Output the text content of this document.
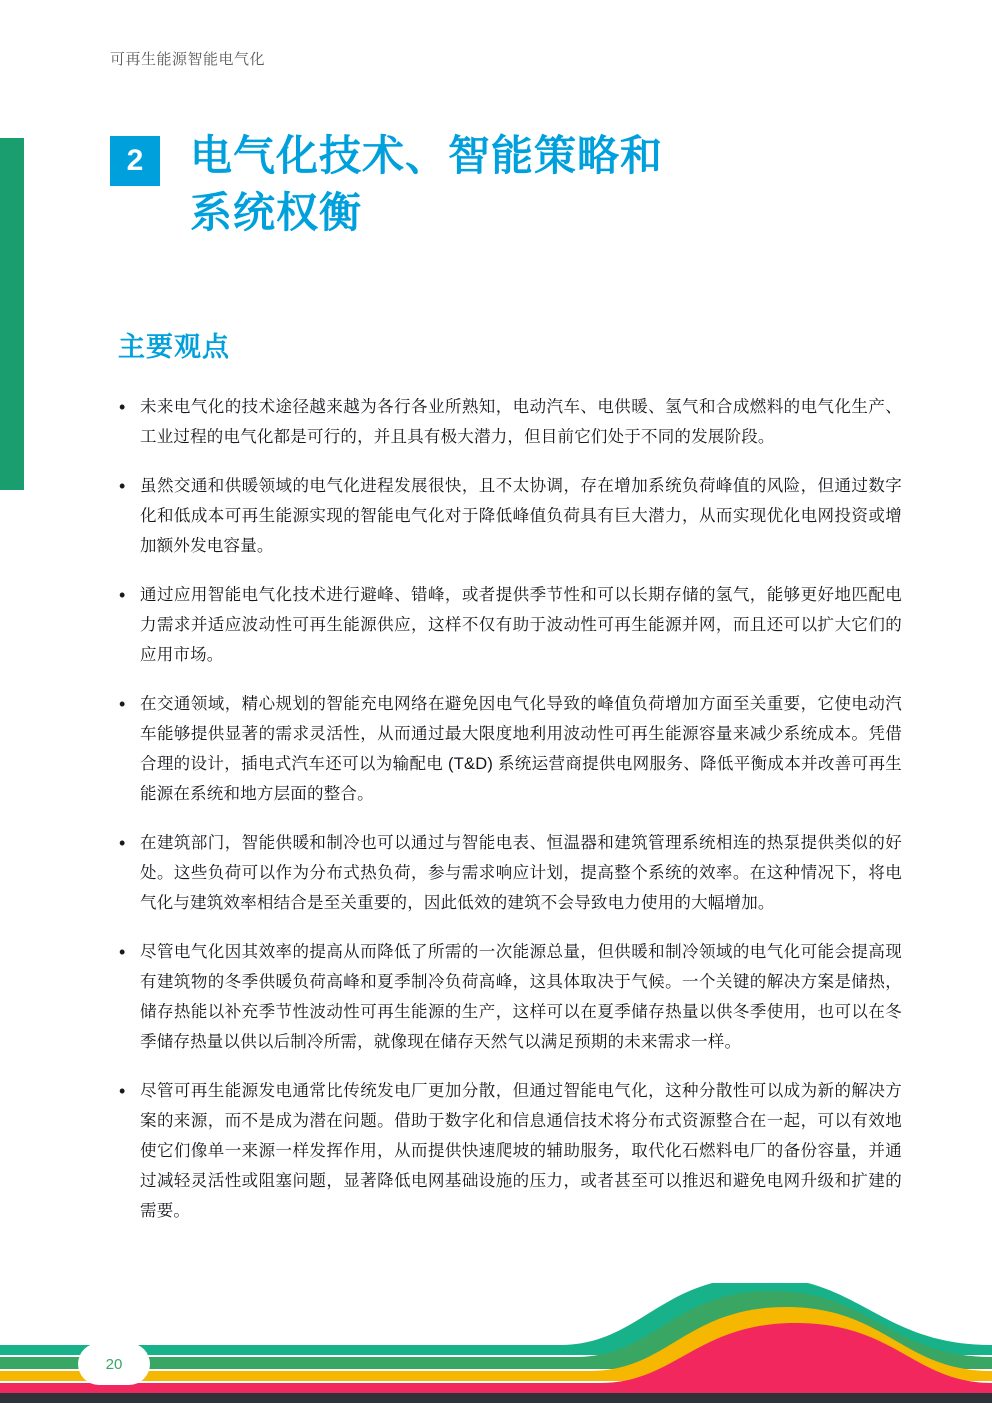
可再生能源智能电气化
2	电气化技术、智能策略和
系统权衡
主要观点
• 未来电气化的技术途径越来越为各行各业所熟知，电动汽车、电供暖、氢气和合成燃料的电气化生产、工业过程的电气化都是可行的，并且具有极大潜力，但目前它们处于不同的发展阶段。
• 虽然交通和供暖领域的电气化进程发展很快，且不太协调，存在增加系统负荷峰值的风险，但通过数字化和低成本可再生能源实现的智能电气化对于降低峰值负荷具有巨大潜力，从而实现优化电网投资或增加额外发电容量。
• 通过应用智能电气化技术进行避峰、错峰，或者提供季节性和可以长期存储的氢气，能够更好地匹配电力需求并适应波动性可再生能源供应，这样不仅有助于波动性可再生能源并网，而且还可以扩大它们的应用市场。
• 在交通领域，精心规划的智能充电网络在避免因电气化导致的峰值负荷增加方面至关重要，它使电动汽车能够提供显著的需求灵活性，从而通过最大限度地利用波动性可再生能源容量来减少系统成本。凭借合理的设计，插电式汽车还可以为输配电 (T&D) 系统运营商提供电网服务、降低平衡成本并改善可再生能源在系统和地方层面的整合。
• 在建筑部门，智能供暖和制冷也可以通过与智能电表、恒温器和建筑管理系统相连的热泵提供类似的好处。这些负荷可以作为分布式热负荷，参与需求响应计划，提高整个系统的效率。在这种情况下，将电气化与建筑效率相结合是至关重要的，因此低效的建筑不会导致电力使用的大幅增加。
• 尽管电气化因其效率的提高从而降低了所需的一次能源总量，但供暖和制冷领域的电气化可能会提高现有建筑物的冬季供暖负荷高峰和夏季制冷负荷高峰，这具体取决于气候。一个关键的解决方案是储热，储存热能以补充季节性波动性可再生能源的生产，这样可以在夏季储存热量以供冬季使用，也可以在冬季储存热量以供以后制冷所需，就像现在储存天然气以满足预期的未来需求一样。
• 尽管可再生能源发电通常比传统发电厂更加分散，但通过智能电气化，这种分散性可以成为新的解决方案的来源，而不是成为潜在问题。借助于数字化和信息通信技术将分布式资源整合在一起，可以有效地使它们像单一来源一样发挥作用，从而提供快速爬坡的辅助服务，取代化石燃料电厂的备份容量，并通过减轻灵活性或阻塞问题，显著降低电网基础设施的压力，或者甚至可以推迟和避免电网升级和扩建的需要。
20
